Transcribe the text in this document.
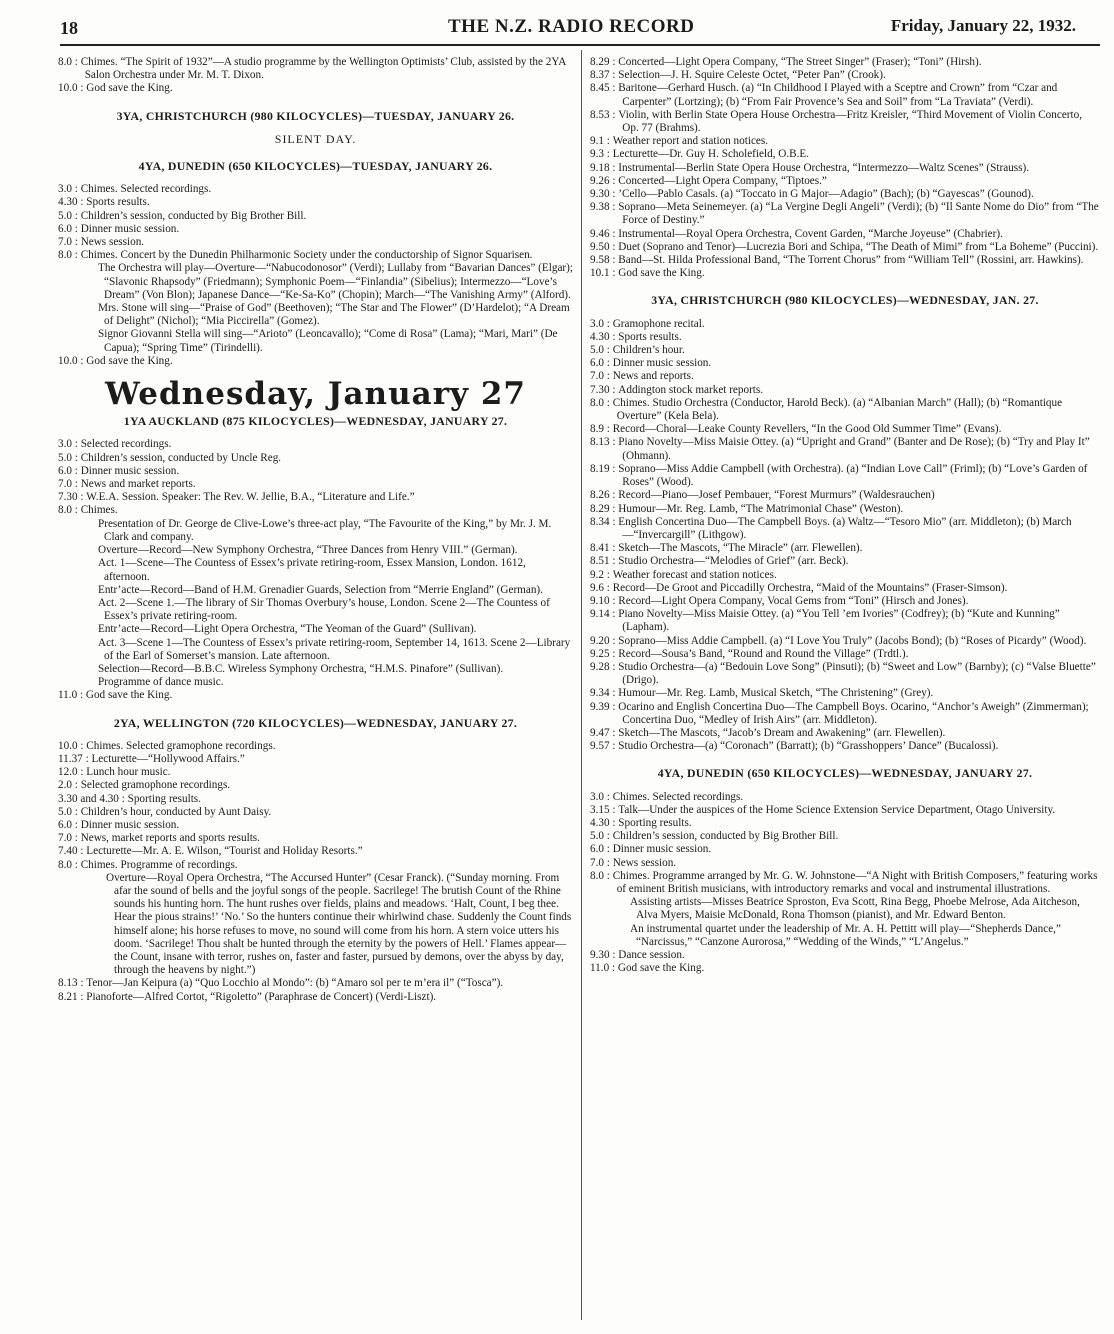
18	THE N.Z. RADIO RECORD	Friday, January 22, 1932.
8.0 : Chimes. “The Spirit of 1932”—A studio programme by the Wellington Optimists’ Club, assisted by the 2YA Salon Orchestra under Mr. M. T. Dixon.
10.0 : God save the King.
3YA, CHRISTCHURCH (980 KILOCYCLES)—TUESDAY, JANUARY 26.
SILENT DAY.
4YA, DUNEDIN (650 KILOCYCLES)—TUESDAY, JANUARY 26.
3.0 : Chimes. Selected recordings.
4.30 : Sports results.
5.0 : Children’s session, conducted by Big Brother Bill.
6.0 : Dinner music session.
7.0 : News session.
8.0 : Chimes. Concert by the Dunedin Philharmonic Society under the conductorship of Signor Squarisen.
The Orchestra will play—Overture—“Nabucodonosor” (Verdi); Lullaby from “Bavarian Dances” (Elgar); “Slavonic Rhapsody” (Friedmann); Symphonic Poem—“Finlandia” (Sibelius); Intermezzo—“Love’s Dream” (Von Blon); Japanese Dance—“Ke-Sa-Ko” (Chopin); March—“The Vanishing Army” (Alford).
Mrs. Stone will sing—“Praise of God” (Beethoven); “The Star and The Flower” (D’Hardelot); “A Dream of Delight” (Nichol); “Mia Piccirella” (Gomez).
Signor Giovanni Stella will sing—“Arioto” (Leoncavallo); “Come di Rosa” (Lama); “Mari, Mari” (De Capua); “Spring Time” (Tirindelli).
10.0 : God save the King.
Wednesday, January 27
1YA AUCKLAND (875 KILOCYCLES)—WEDNESDAY, JANUARY 27.
3.0 : Selected recordings.
5.0 : Children’s session, conducted by Uncle Reg.
6.0 : Dinner music session.
7.0 : News and market reports.
7.30 : W.E.A. Session. Speaker: The Rev. W. Jellie, B.A., “Literature and Life.”
8.0 : Chimes.
Presentation of Dr. George de Clive-Lowe’s three-act play, “The Favourite of the King,” by Mr. J. M. Clark and company.
Overture—Record—New Symphony Orchestra, “Three Dances from Henry VIII.” (German).
Act. 1—Scene—The Countess of Essex’s private retiring-room, Essex Mansion, London. 1612, afternoon.
Entr’acte—Record—Band of H.M. Grenadier Guards, Selection from “Merrie England” (German).
Act. 2—Scene 1.—The library of Sir Thomas Overbury’s house, London. Scene 2—The Countess of Essex’s private retiring-room.
Entr’acte—Record—Light Opera Orchestra, “The Yeoman of the Guard” (Sullivan).
Act. 3—Scene 1—The Countess of Essex’s private retiring-room, September 14, 1613. Scene 2—Library of the Earl of Somerset’s mansion. Late afternoon.
Selection—Record—B.B.C. Wireless Symphony Orchestra, “H.M.S. Pinafore” (Sullivan).
Programme of dance music.
11.0 : God save the King.
2YA, WELLINGTON (720 KILOCYCLES)—WEDNESDAY, JANUARY 27.
10.0 : Chimes. Selected gramophone recordings.
11.37 : Lecturette—“Hollywood Affairs.”
12.0 : Lunch hour music.
2.0 : Selected gramophone recordings.
3.30 and 4.30 : Sporting results.
5.0 : Children’s hour, conducted by Aunt Daisy.
6.0 : Dinner music session.
7.0 : News, market reports and sports results.
7.40 : Lecturette—Mr. A. E. Wilson, “Tourist and Holiday Resorts.”
8.0 : Chimes. Programme of recordings.
Overture—Royal Opera Orchestra, “The Accursed Hunter” (Cesar Franck). (“Sunday morning. From afar the sound of bells and the joyful songs of the people. Sacrilege! The brutish Count of the Rhine sounds his hunting horn. The hunt rushes over fields, plains and meadows. ‘Halt, Count, I beg thee. Hear the pious strains!’ ‘No.’ So the hunters continue their whirlwind chase. Suddenly the Count finds himself alone; his horse refuses to move, no sound will come from his horn. A stern voice utters his doom. ‘Sacrilege! Thou shalt be hunted through the eternity by the powers of Hell.’ Flames appear—the Count, insane with terror, rushes on, faster and faster, pursued by demons, over the abyss by day, through the heavens by night.”)
8.13 : Tenor—Jan Keipura (a) “Quo Locchio al Mondo”: (b) “Amaro sol per te m’era il” (“Tosca”).
8.21 : Pianoforte—Alfred Cortot, “Rigoletto” (Paraphrase de Concert) (Verdi-Liszt).
8.29 : Concerted—Light Opera Company, “The Street Singer” (Fraser); “Toni” (Hirsh).
8.37 : Selection—J. H. Squire Celeste Octet, “Peter Pan” (Crook).
8.45 : Baritone—Gerhard Husch. (a) “In Childhood I Played with a Sceptre and Crown” from “Czar and Carpenter” (Lortzing); (b) “From Fair Provence’s Sea and Soil” from “La Traviata” (Verdi).
8.53 : Violin, with Berlin State Opera House Orchestra—Fritz Kreisler, “Third Movement of Violin Concerto, Op. 77 (Brahms).
9.1 : Weather report and station notices.
9.3 : Lecturette—Dr. Guy H. Scholefield, O.B.E.
9.18 : Instrumental—Berlin State Opera House Orchestra, “Intermezzo—Waltz Scenes” (Strauss).
9.26 : Concerted—Light Opera Company, “Tiptoes.”
9.30 : ’Cello—Pablo Casals. (a) “Toccato in G Major—Adagio” (Bach); (b) “Gayescas” (Gounod).
9.38 : Soprano—Meta Seinemeyer. (a) “La Vergine Degli Angeli” (Verdi); (b) “Il Sante Nome do Dio” from “The Force of Destiny.”
9.46 : Instrumental—Royal Opera Orchestra, Covent Garden, “Marche Joyeuse” (Chabrier).
9.50 : Duet (Soprano and Tenor)—Lucrezia Bori and Schipa, “The Death of Mimi” from “La Boheme” (Puccini).
9.58 : Band—St. Hilda Professional Band, “The Torrent Chorus” from “William Tell” (Rossini, arr. Hawkins).
10.1 : God save the King.
3YA, CHRISTCHURCH (980 KILOCYCLES)—WEDNESDAY, JAN. 27.
3.0 : Gramophone recital.
4.30 : Sports results.
5.0 : Children’s hour.
6.0 : Dinner music session.
7.0 : News and reports.
7.30 : Addington stock market reports.
8.0 : Chimes. Studio Orchestra (Conductor, Harold Beck). (a) “Albanian March” (Hall); (b) “Romantique Overture” (Kela Bela).
8.9 : Record—Choral—Leake County Revellers, “In the Good Old Summer Time” (Evans).
8.13 : Piano Novelty—Miss Maisie Ottey. (a) “Upright and Grand” (Banter and De Rose); (b) “Try and Play It” (Ohmann).
8.19 : Soprano—Miss Addie Campbell (with Orchestra). (a) “Indian Love Call” (Friml); (b) “Love’s Garden of Roses” (Wood).
8.26 : Record—Piano—Josef Pembauer, “Forest Murmurs” (Waldesrauchen)
8.29 : Humour—Mr. Reg. Lamb, “The Matrimonial Chase” (Weston).
8.34 : English Concertina Duo—The Campbell Boys. (a) Waltz—“Tesoro Mio” (arr. Middleton); (b) March—“Invercargill” (Lithgow).
8.41 : Sketch—The Mascots, “The Miracle” (arr. Flewellen).
8.51 : Studio Orchestra—“Melodies of Grief” (arr. Beck).
9.2 : Weather forecast and station notices.
9.6 : Record—De Groot and Piccadilly Orchestra, “Maid of the Mountains” (Fraser-Simson).
9.10 : Record—Light Opera Company, Vocal Gems from “Toni” (Hirsch and Jones).
9.14 : Piano Novelty—Miss Maisie Ottey. (a) “You Tell ’em Ivories” (Codfrey); (b) “Kute and Kunning” (Lapham).
9.20 : Soprano—Miss Addie Campbell. (a) “I Love You Truly” (Jacobs Bond); (b) “Roses of Picardy” (Wood).
9.25 : Record—Sousa’s Band, “Round and Round the Village” (Trdtl.).
9.28 : Studio Orchestra—(a) “Bedouin Love Song” (Pinsuti); (b) “Sweet and Low” (Barnby); (c) “Valse Bluette” (Drigo).
9.34 : Humour—Mr. Reg. Lamb, Musical Sketch, “The Christening” (Grey).
9.39 : Ocarino and English Concertina Duo—The Campbell Boys. Ocarino, “Anchor’s Aweigh” (Zimmerman); Concertina Duo, “Medley of Irish Airs” (arr. Middleton).
9.47 : Sketch—The Mascots, “Jacob’s Dream and Awakening” (arr. Flewellen).
9.57 : Studio Orchestra—(a) “Coronach” (Barratt); (b) “Grasshoppers’ Dance” (Bucalossi).
4YA, DUNEDIN (650 KILOCYCLES)—WEDNESDAY, JANUARY 27.
3.0 : Chimes. Selected recordings.
3.15 : Talk—Under the auspices of the Home Science Extension Service Department, Otago University.
4.30 : Sporting results.
5.0 : Children’s session, conducted by Big Brother Bill.
6.0 : Dinner music session.
7.0 : News session.
8.0 : Chimes. Programme arranged by Mr. G. W. Johnstone—“A Night with British Composers,” featuring works of eminent British musicians, with introductory remarks and vocal and instrumental illustrations.
Assisting artists—Misses Beatrice Sproston, Eva Scott, Rina Begg, Phoebe Melrose, Ada Aitcheson, Alva Myers, Maisie McDonald, Rona Thomson (pianist), and Mr. Edward Benton.
An instrumental quartet under the leadership of Mr. A. H. Pettitt will play—“Shepherds Dance,” “Narcissus,” “Canzone Aurorosa,” “Wedding of the Winds,” “L’Angelus.”
9.30 : Dance session.
11.0 : God save the King.
